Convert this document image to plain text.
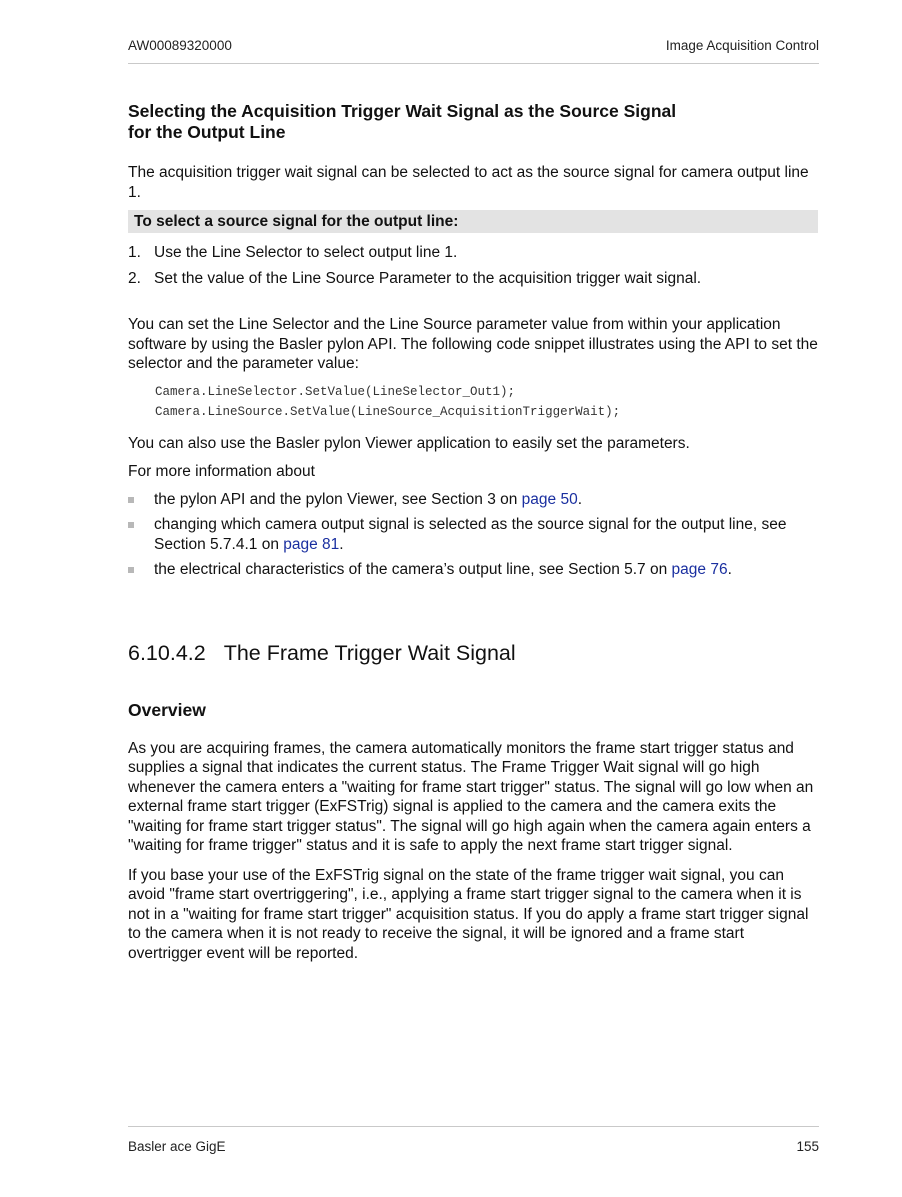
AW00089320000	Image Acquisition Control
Selecting the Acquisition Trigger Wait Signal as the Source Signal
for the Output Line

The acquisition trigger wait signal can be selected to act as the source signal for camera output line 1.

To select a source signal for the output line:
1. Use the Line Selector to select output line 1.
2. Set the value of the Line Source Parameter to the acquisition trigger wait signal.

You can set the Line Selector and the Line Source parameter value from within your application software by using the Basler pylon API. The following code snippet illustrates using the API to set the selector and the parameter value:

Camera.LineSelector.SetValue(LineSelector_Out1);
Camera.LineSource.SetValue(LineSource_AcquisitionTriggerWait);

You can also use the Basler pylon Viewer application to easily set the parameters.

For more information about

the pylon API and the pylon Viewer, see Section 3 on page 50.
changing which camera output signal is selected as the source signal for the output line, see Section 5.7.4.1 on page 81.
the electrical characteristics of the camera’s output line, see Section 5.7 on page 76.
6.10.4.2 The Frame Trigger Wait Signal
Overview

As you are acquiring frames, the camera automatically monitors the frame start trigger status and supplies a signal that indicates the current status. The Frame Trigger Wait signal will go high whenever the camera enters a "waiting for frame start trigger" status. The signal will go low when an external frame start trigger (ExFSTrig) signal is applied to the camera and the camera exits the "waiting for frame start trigger status". The signal will go high again when the camera again enters a "waiting for frame trigger" status and it is safe to apply the next frame start trigger signal.

If you base your use of the ExFSTrig signal on the state of the frame trigger wait signal, you can avoid "frame start overtriggering", i.e., applying a frame start trigger signal to the camera when it is not in a "waiting for frame start trigger" acquisition status. If you do apply a frame start trigger signal to the camera when it is not ready to receive the signal, it will be ignored and a frame start overtrigger event will be reported.

Basler ace GigE	155
